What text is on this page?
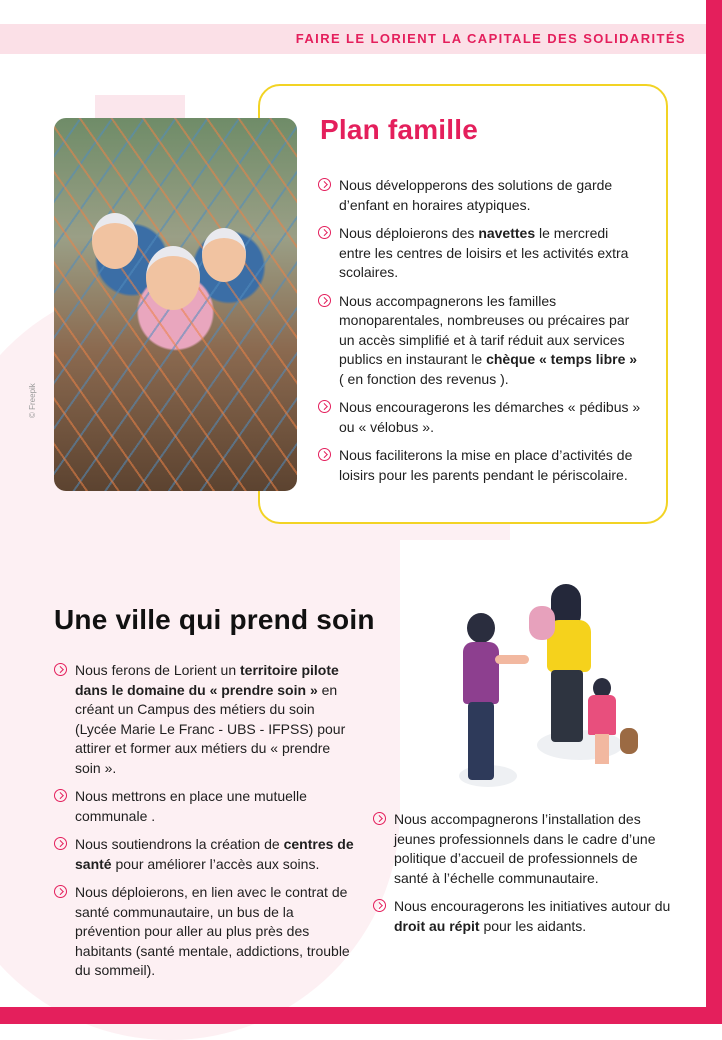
FAIRE LE LORIENT LA CAPITALE DES SOLIDARITÉS
© Freepik
Plan famille
Nous développerons des solutions de garde d’enfant en horaires atypiques.
Nous déploierons des navettes le mercredi entre les centres de loisirs et les activités extra scolaires.
Nous accompagnerons les familles monoparentales, nombreuses ou précaires par un accès simplifié et à tarif réduit aux services publics en instaurant le chèque « temps libre » ( en fonction des revenus ).
Nous encouragerons les démarches « pédibus » ou « vélobus ».
Nous faciliterons la mise en place d’activités de loisirs pour les parents pendant le périscolaire.
Une ville qui prend soin
Nous ferons de Lorient un territoire pilote dans le domaine du « prendre soin » en créant un Campus des métiers du soin (Lycée Marie Le Franc - UBS - IFPSS) pour attirer et former aux métiers du « prendre soin ».
Nous mettrons en place une mutuelle communale .
Nous soutiendrons la création de centres de santé pour améliorer l’accès aux soins.
Nous déploierons, en lien avec le contrat de santé communautaire, un bus de la prévention pour aller au plus près des habitants (santé mentale, addictions, trouble du sommeil).
Nous accompagnerons l’installation des jeunes professionnels dans le cadre d’une politique d’accueil de professionnels de santé à l’échelle communautaire.
Nous encouragerons les initiatives autour du droit au répit pour les aidants.
